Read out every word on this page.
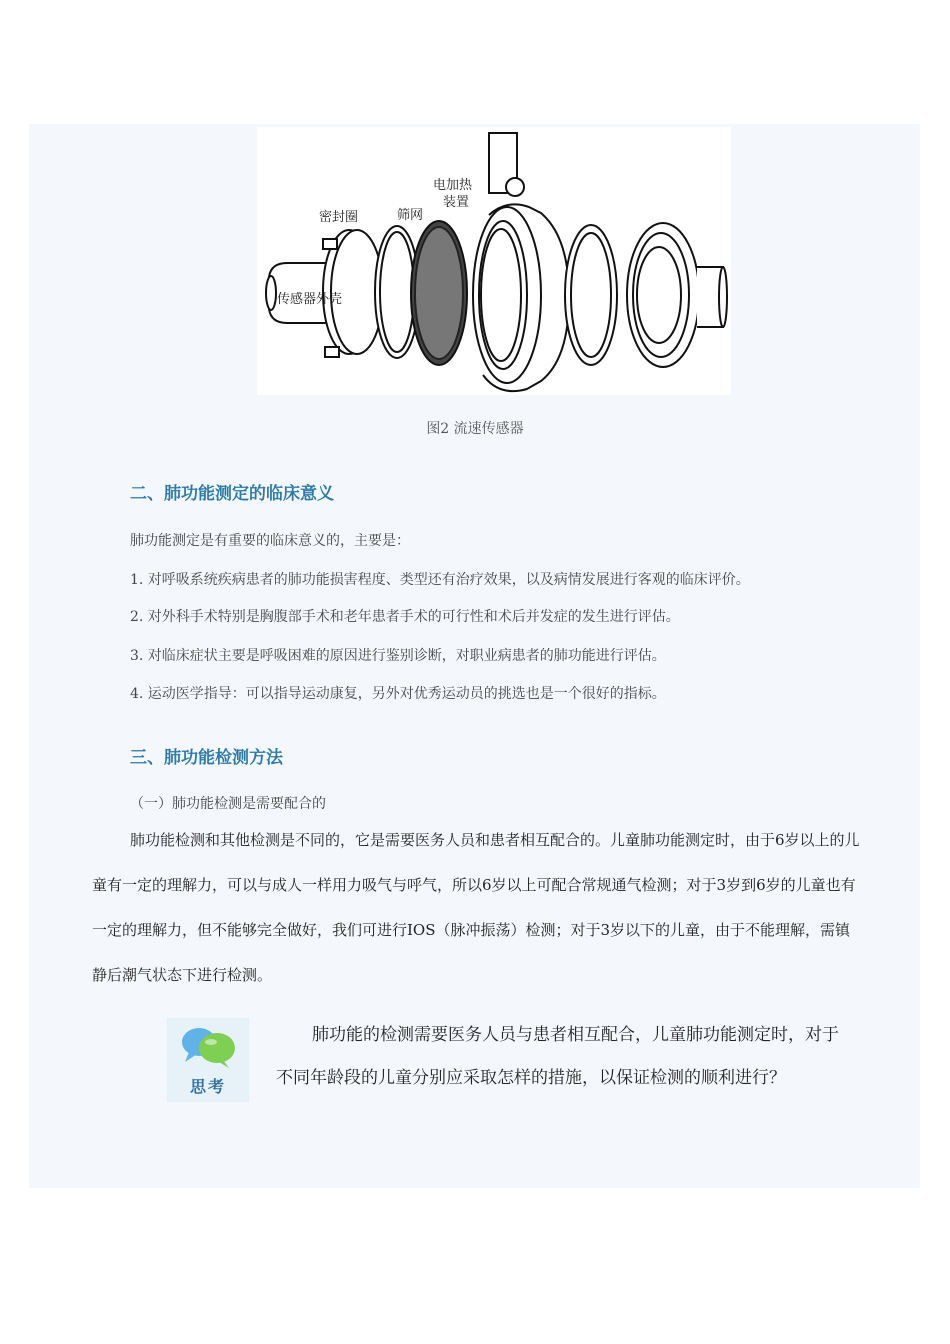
电加热
装置
密封圈	筛网
传感器外壳
图2 流速传感器
二、肺功能测定的临床意义
肺功能测定是有重要的临床意义的，主要是：
1. 对呼吸系统疾病患者的肺功能损害程度、类型还有治疗效果，以及病情发展进行客观的临床评价。
2. 对外科手术特别是胸腹部手术和老年患者手术的可行性和术后并发症的发生进行评估。
3. 对临床症状主要是呼吸困难的原因进行鉴别诊断，对职业病患者的肺功能进行评估。
4. 运动医学指导：可以指导运动康复，另外对优秀运动员的挑选也是一个很好的指标。
三、肺功能检测方法
（一）肺功能检测是需要配合的
肺功能检测和其他检测是不同的，它是需要医务人员和患者相互配合的。儿童肺功能测定时，由于6岁以上的儿童有一定的理解力，可以与成人一样用力吸气与呼气，所以6岁以上可配合常规通气检测；对于3岁到6岁的儿童也有一定的理解力，但不能够完全做好，我们可进行IOS（脉冲振荡）检测；对于3岁以下的儿童，由于不能理解，需镇静后潮气状态下进行检测。
思考
肺功能的检测需要医务人员与患者相互配合，儿童肺功能测定时，对于不同年龄段的儿童分别应采取怎样的措施，以保证检测的顺利进行？
